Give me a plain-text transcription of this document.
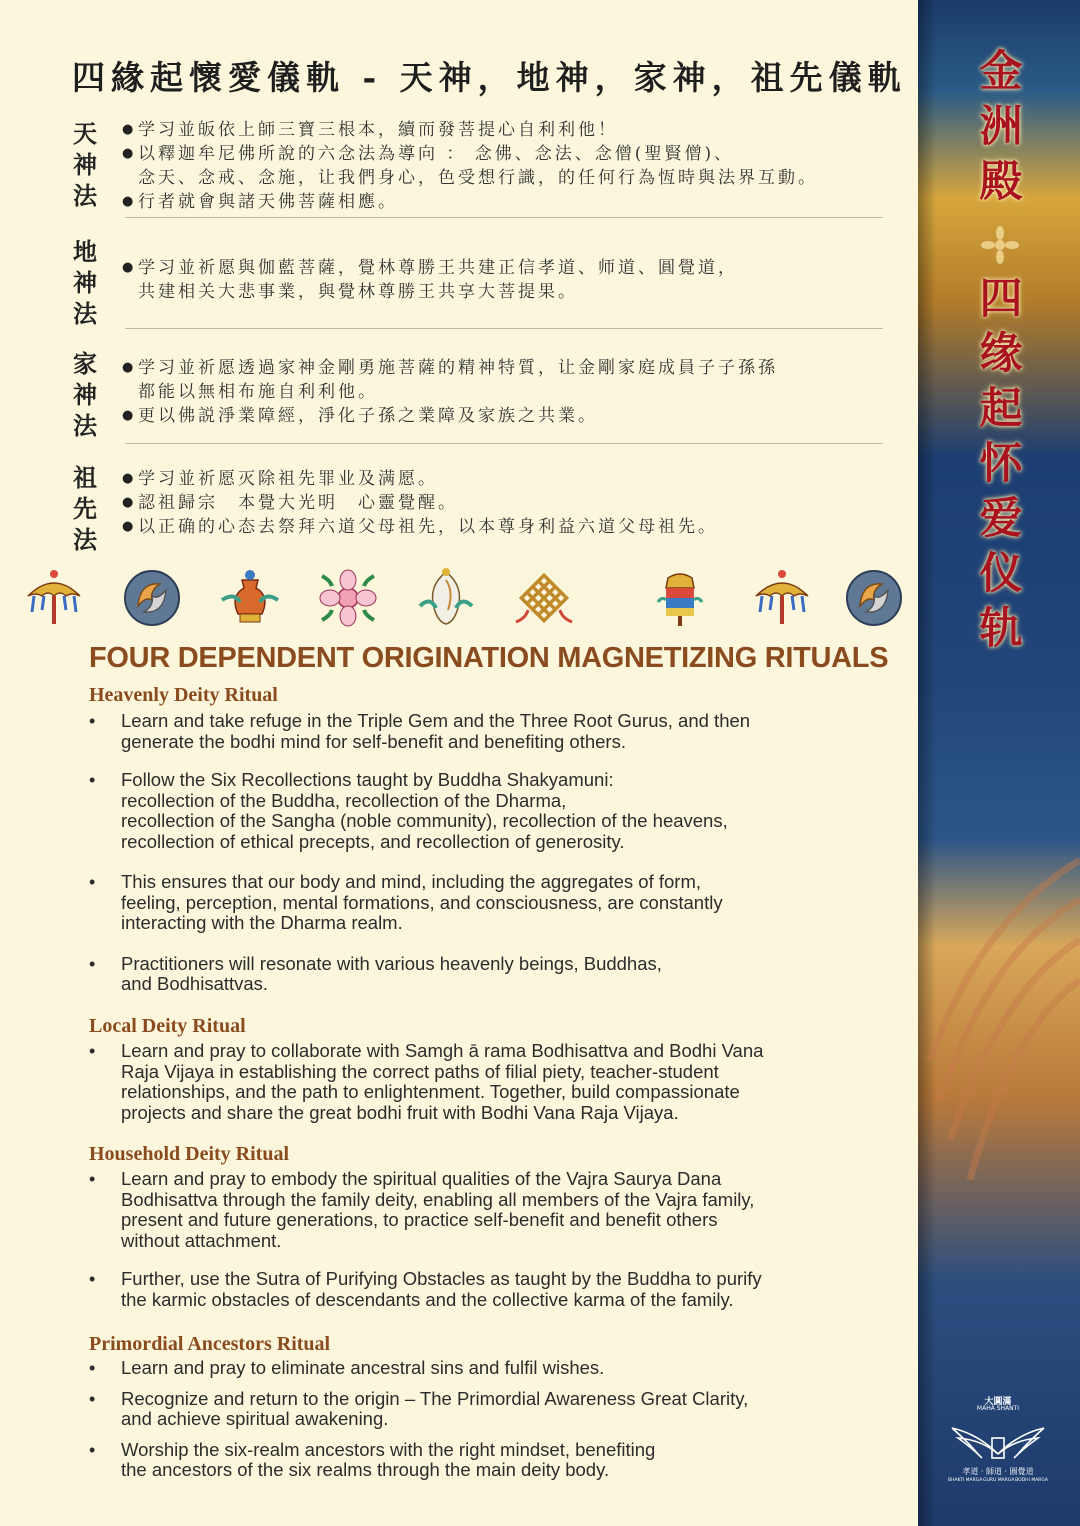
四緣起懷愛儀軌 - 天神，地神，家神，祖先儀軌
天
神
法

● 学习並皈依上師三寶三根本，續而發菩提心自利利他！

● 以釋迦牟尼佛所說的六念法為導向 ： 念佛、念法、念僧(聖賢僧)、
念天、念戒、念施，让我們身心，色受想行識，的任何行為恆時與法界互動。

● 行者就會與諸天佛菩薩相應。

地
神
法

● 学习並祈愿與伽藍菩薩，覺林尊勝王共建正信孝道、师道、圓覺道，
共建相关大悲事業，與覺林尊勝王共享大菩提果。

家
神
法

● 学习並祈愿透過家神金剛勇施菩薩的精神特質，让金剛家庭成員子子孫孫
都能以無相布施自利利他。

● 更以佛説淨業障經，淨化子孫之業障及家族之共業。

祖
先
法

● 学习並祈愿灭除祖先罪业及满愿。

● 認祖歸宗　本覺大光明　心靈覺醒。

● 以正确的心态去祭拜六道父母祖先，以本尊身利益六道父母祖先。

FOUR DEPENDENT ORIGINATION MAGNETIZING RITUALS
Heavenly Deity Ritual

• Learn and take refuge in the Triple Gem and the Three Root Gurus, and then
generate the bodhi mind for self-benefit and benefiting others.

• Follow the Six Recollections taught by Buddha Shakyamuni:
recollection of the Buddha, recollection of the Dharma,
recollection of the Sangha (noble community), recollection of the heavens,
recollection of ethical precepts, and recollection of generosity.

• This ensures that our body and mind, including the aggregates of form,
feeling, perception, mental formations, and consciousness, are constantly
interacting with the Dharma realm.

• Practitioners will resonate with various heavenly beings, Buddhas,
and Bodhisattvas.

Local Deity Ritual

• Learn and pray to collaborate with Samgh ā rama Bodhisattva and Bodhi Vana
Raja Vijaya in establishing the correct paths of filial piety, teacher-student
relationships, and the path to enlightenment. Together, build compassionate
projects and share the great bodhi fruit with Bodhi Vana Raja Vijaya.

Household Deity Ritual

• Learn and pray to embody the spiritual qualities of the Vajra Saurya Dana
Bodhisattva through the family deity, enabling all members of the Vajra family,
present and future generations, to practice self-benefit and benefit others
without attachment.

• Further, use the Sutra of Purifying Obstacles as taught by the Buddha to purify
the karmic obstacles of descendants and the collective karma of the family.

Primordial Ancestors Ritual

• Learn and pray to eliminate ancestral sins and fulfil wishes.

• Recognize and return to the origin – The Primordial Awareness Great Clarity,
and achieve spiritual awakening.

• Worship the six-realm ancestors with the right mindset, benefiting
the ancestors of the six realms through the main deity body.

金
洲
殿
四
缘
起
怀
爱
仪
轨
大圓滿
MAHA SHANTI
孝道 · 師道 · 圓覺道
BHAKTI MARGA GURU MARGA BODHI MARGA
